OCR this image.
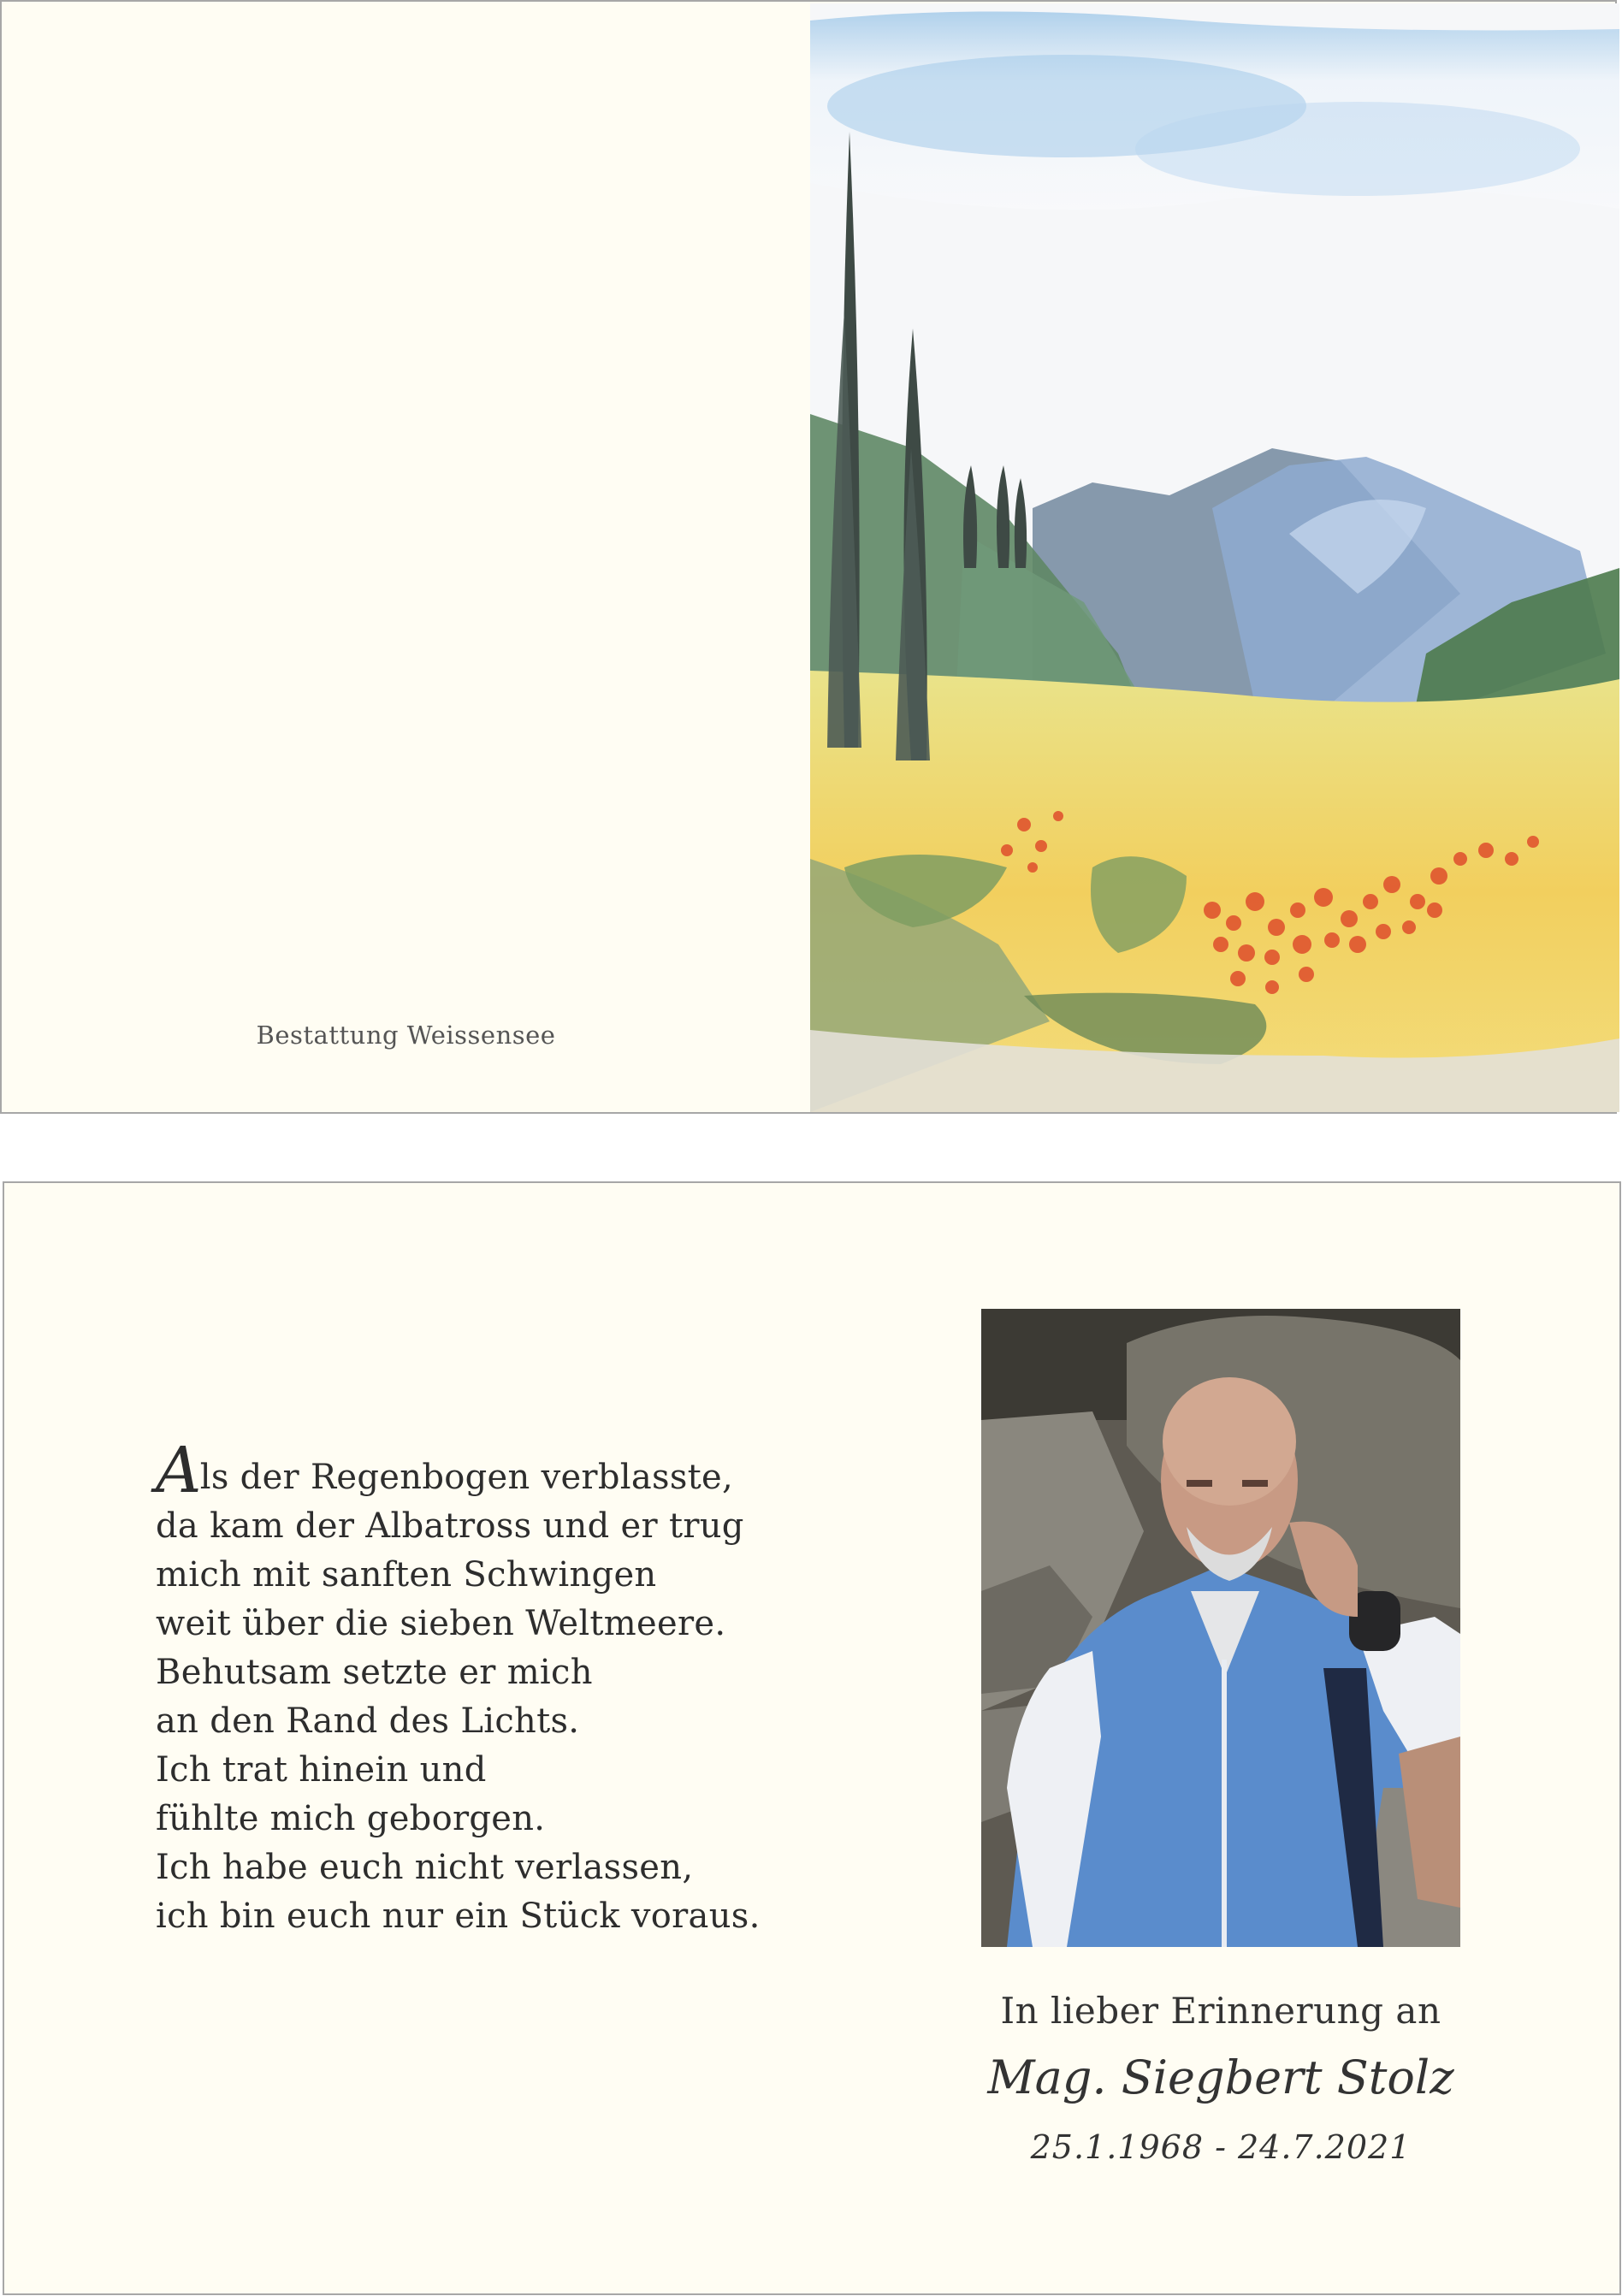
Bestattung Weissensee
Als der Regenbogen verblasste,
da kam der Albatross und er trug
mich mit sanften Schwingen
weit über die sieben Weltmeere.
Behutsam setzte er mich
an den Rand des Lichts.
Ich trat hinein und
fühlte mich geborgen.
Ich habe euch nicht verlassen,
ich bin euch nur ein Stück voraus.
In lieber Erinnerung an
Mag. Siegbert Stolz
25.1.1968 - 24.7.2021
